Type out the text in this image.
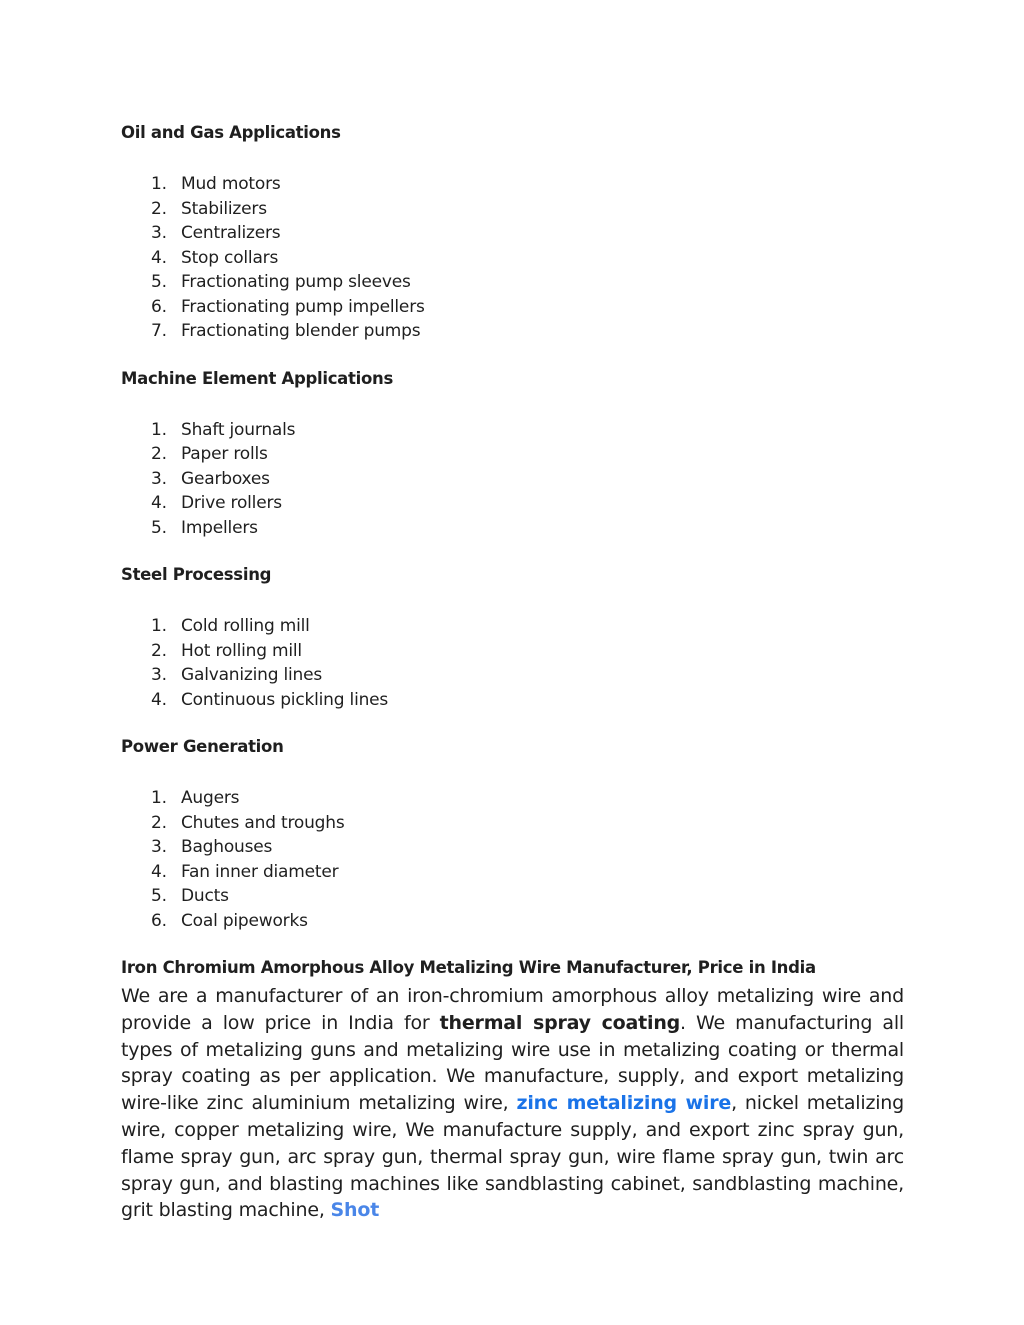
Oil and Gas Applications
1. Mud motors
2. Stabilizers
3. Centralizers
4. Stop collars
5. Fractionating pump sleeves
6. Fractionating pump impellers
7. Fractionating blender pumps
Machine Element Applications
1. Shaft journals
2. Paper rolls
3. Gearboxes
4. Drive rollers
5. Impellers
Steel Processing
1. Cold rolling mill
2. Hot rolling mill
3. Galvanizing lines
4. Continuous pickling lines
Power Generation
1. Augers
2. Chutes and troughs
3. Baghouses
4. Fan inner diameter
5. Ducts
6. Coal pipeworks
Iron Chromium Amorphous Alloy Metalizing Wire Manufacturer, Price in India

We are a manufacturer of an iron-chromium amorphous alloy metalizing wire and provide a low price in India for thermal spray coating. We manufacturing all types of metalizing guns and metalizing wire use in metalizing coating or thermal spray coating as per application. We manufacture, supply, and export metalizing wire-like zinc aluminium metalizing wire, zinc metalizing wire, nickel metalizing wire, copper metalizing wire, We manufacture supply, and export zinc spray gun, flame spray gun, arc spray gun, thermal spray gun, wire flame spray gun, twin arc spray gun, and blasting machines like sandblasting cabinet, sandblasting machine, grit blasting machine, Shot
